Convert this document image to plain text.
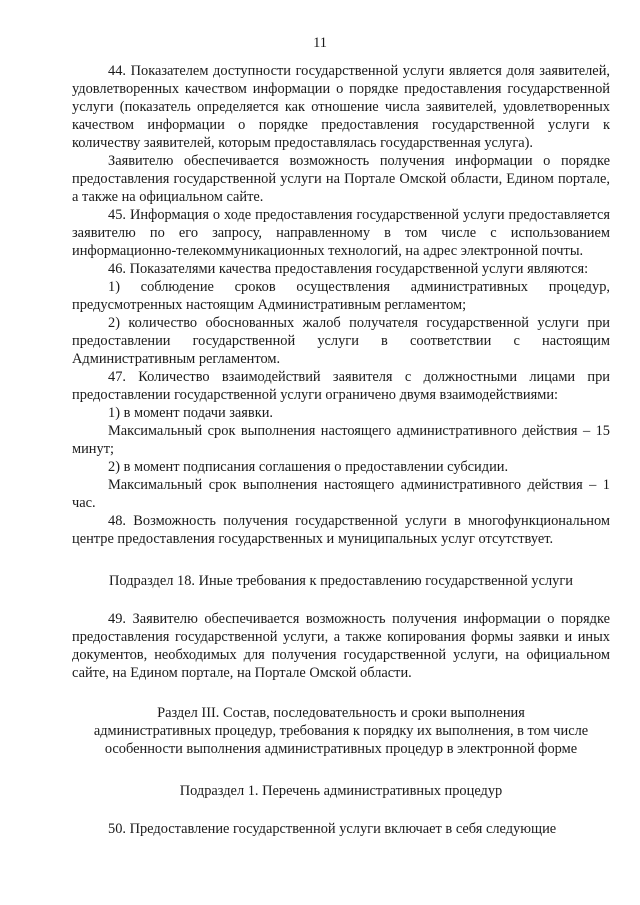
11

44. Показателем доступности государственной услуги является доля заявителей, удовлетворенных качеством информации о порядке предоставления государственной услуги (показатель определяется как отношение числа заявителей, удовлетворенных качеством информации о порядке предоставления государственной услуги к количеству заявителей, которым предоставлялась государственная услуга).

Заявителю обеспечивается возможность получения информации о порядке предоставления государственной услуги на Портале Омской области, Едином портале, а также на официальном сайте.

45. Информация о ходе предоставления государственной услуги предоставляется заявителю по его запросу, направленному в том числе с использованием информационно-телекоммуникационных технологий, на адрес электронной почты.

46. Показателями качества предоставления государственной услуги являются:

1) соблюдение сроков осуществления административных процедур, предусмотренных настоящим Административным регламентом;

2) количество обоснованных жалоб получателя государственной услуги при предоставлении государственной услуги в соответствии с настоящим Административным регламентом.

47. Количество взаимодействий заявителя с должностными лицами при предоставлении государственной услуги ограничено двумя взаимодействиями:

1) в момент подачи заявки.

Максимальный срок выполнения настоящего административного действия – 15 минут;

2) в момент подписания соглашения о предоставлении субсидии.

Максимальный срок выполнения настоящего административного действия – 1 час.

48. Возможность получения государственной услуги в многофункциональном центре предоставления государственных и муниципальных услуг отсутствует.

Подраздел 18. Иные требования к предоставлению государственной услуги

49. Заявителю обеспечивается возможность получения информации о порядке предоставления государственной услуги, а также копирования формы заявки и иных документов, необходимых для получения государственной услуги, на официальном сайте, на Едином портале, на Портале Омской области.

Раздел III. Состав, последовательность и сроки выполнения
административных процедур, требования к порядку их выполнения, в том числе
особенности выполнения административных процедур в электронной форме

Подраздел 1. Перечень административных процедур

50. Предоставление государственной услуги включает в себя следующие
